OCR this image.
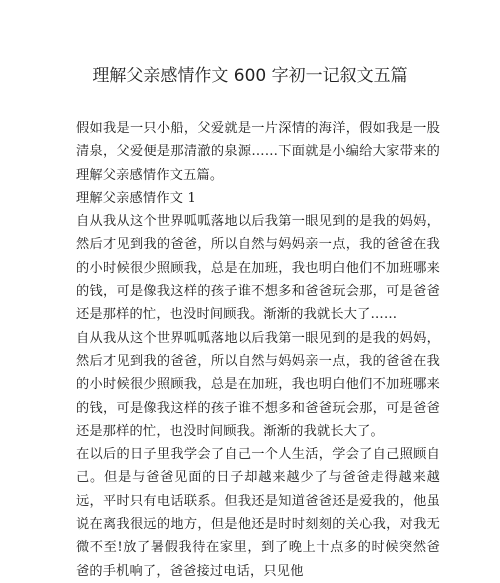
理解父亲感情作文 600 字初一记叙文五篇

假如我是一只小船，父爱就是一片深情的海洋，假如我是一股清泉，父爱便是那清澈的泉源……下面就是小编给大家带来的理解父亲感情作文五篇。

理解父亲感情作文 1

自从我从这个世界呱呱落地以后我第一眼见到的是我的妈妈，然后才见到我的爸爸，所以自然与妈妈亲一点，我的爸爸在我的小时候很少照顾我，总是在加班，我也明白他们不加班哪来的钱，可是像我这样的孩子谁不想多和爸爸玩会那，可是爸爸还是那样的忙，也没时间顾我。渐渐的我就长大了……

自从我从这个世界呱呱落地以后我第一眼见到的是我的妈妈，然后才见到我的爸爸，所以自然与妈妈亲一点，我的爸爸在我的小时候很少照顾我，总是在加班，我也明白他们不加班哪来的钱，可是像我这样的孩子谁不想多和爸爸玩会那，可是爸爸还是那样的忙，也没时间顾我。渐渐的我就长大了。

在以后的日子里我学会了自己一个人生活，学会了自己照顾自己。但是与爸爸见面的日子却越来越少了与爸爸走得越来越远，平时只有电话联系。但我还是知道爸爸还是爱我的，他虽说在离我很远的地方，但是他还是时时刻刻的关心我，对我无微不至!放了暑假我待在家里，到了晚上十点多的时候突然爸爸的手机响了，爸爸接过电话，只见他
